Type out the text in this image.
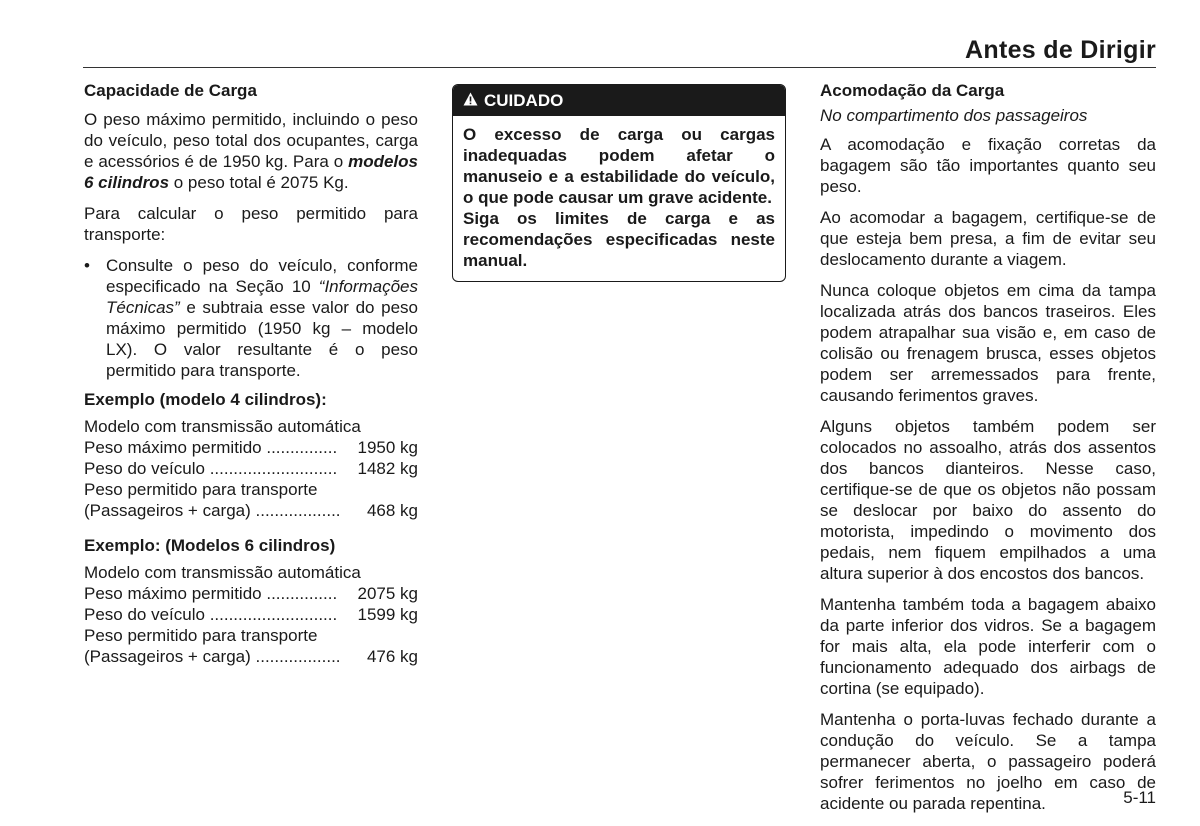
Antes de Dirigir
Capacidade de Carga

O peso máximo permitido, incluindo o peso do veículo, peso total dos ocupantes, carga e acessórios é de 1950 kg. Para o modelos 6 cilindros o peso total é 2075 Kg.

Para calcular o peso permitido para transporte:

• Consulte o peso do veículo, conforme especificado na Seção 10 “Informações Técnicas” e subtraia esse valor do peso máximo permitido (1950 kg – modelo LX). O valor resultante é o peso permitido para transporte.
Exemplo (modelo 4 cilindros):
Modelo com transmissão automática
Peso máximo permitido ............... 1950 kg
Peso do veículo ........................... 1482 kg
Peso permitido para transporte
(Passageiros + carga) .................. 468 kg
Exemplo: (Modelos 6 cilindros)
Modelo com transmissão automática
Peso máximo permitido ............... 2075 kg
Peso do veículo ........................... 1599 kg
Peso permitido para transporte
(Passageiros + carga) .................. 476 kg
CUIDADO

O excesso de carga ou cargas inadequadas podem afetar o manuseio e a estabilidade do veículo, o que pode causar um grave acidente.

Siga os limites de carga e as recomendações especificadas neste manual.

Acomodação da Carga
No compartimento dos passageiros

A acomodação e fixação corretas da bagagem são tão importantes quanto seu peso.

Ao acomodar a bagagem, certifique-se de que esteja bem presa, a fim de evitar seu deslocamento durante a viagem.

Nunca coloque objetos em cima da tampa localizada atrás dos bancos traseiros. Eles podem atrapalhar sua visão e, em caso de colisão ou frenagem brusca, esses objetos podem ser arremessados para frente, causando ferimentos graves.

Alguns objetos também podem ser colocados no assoalho, atrás dos assentos dos bancos dianteiros. Nesse caso, certifique-se de que os objetos não possam se deslocar por baixo do assento do motorista, impedindo o movimento dos pedais, nem fiquem empilhados a uma altura superior à dos encostos dos bancos.

Mantenha também toda a bagagem abaixo da parte inferior dos vidros. Se a bagagem for mais alta, ela pode interferir com o funcionamento adequado dos airbags de cortina (se equipado).

Mantenha o porta-luvas fechado durante a condução do veículo. Se a tampa permanecer aberta, o passageiro poderá sofrer ferimentos no joelho em caso de acidente ou parada repentina.	5-11
